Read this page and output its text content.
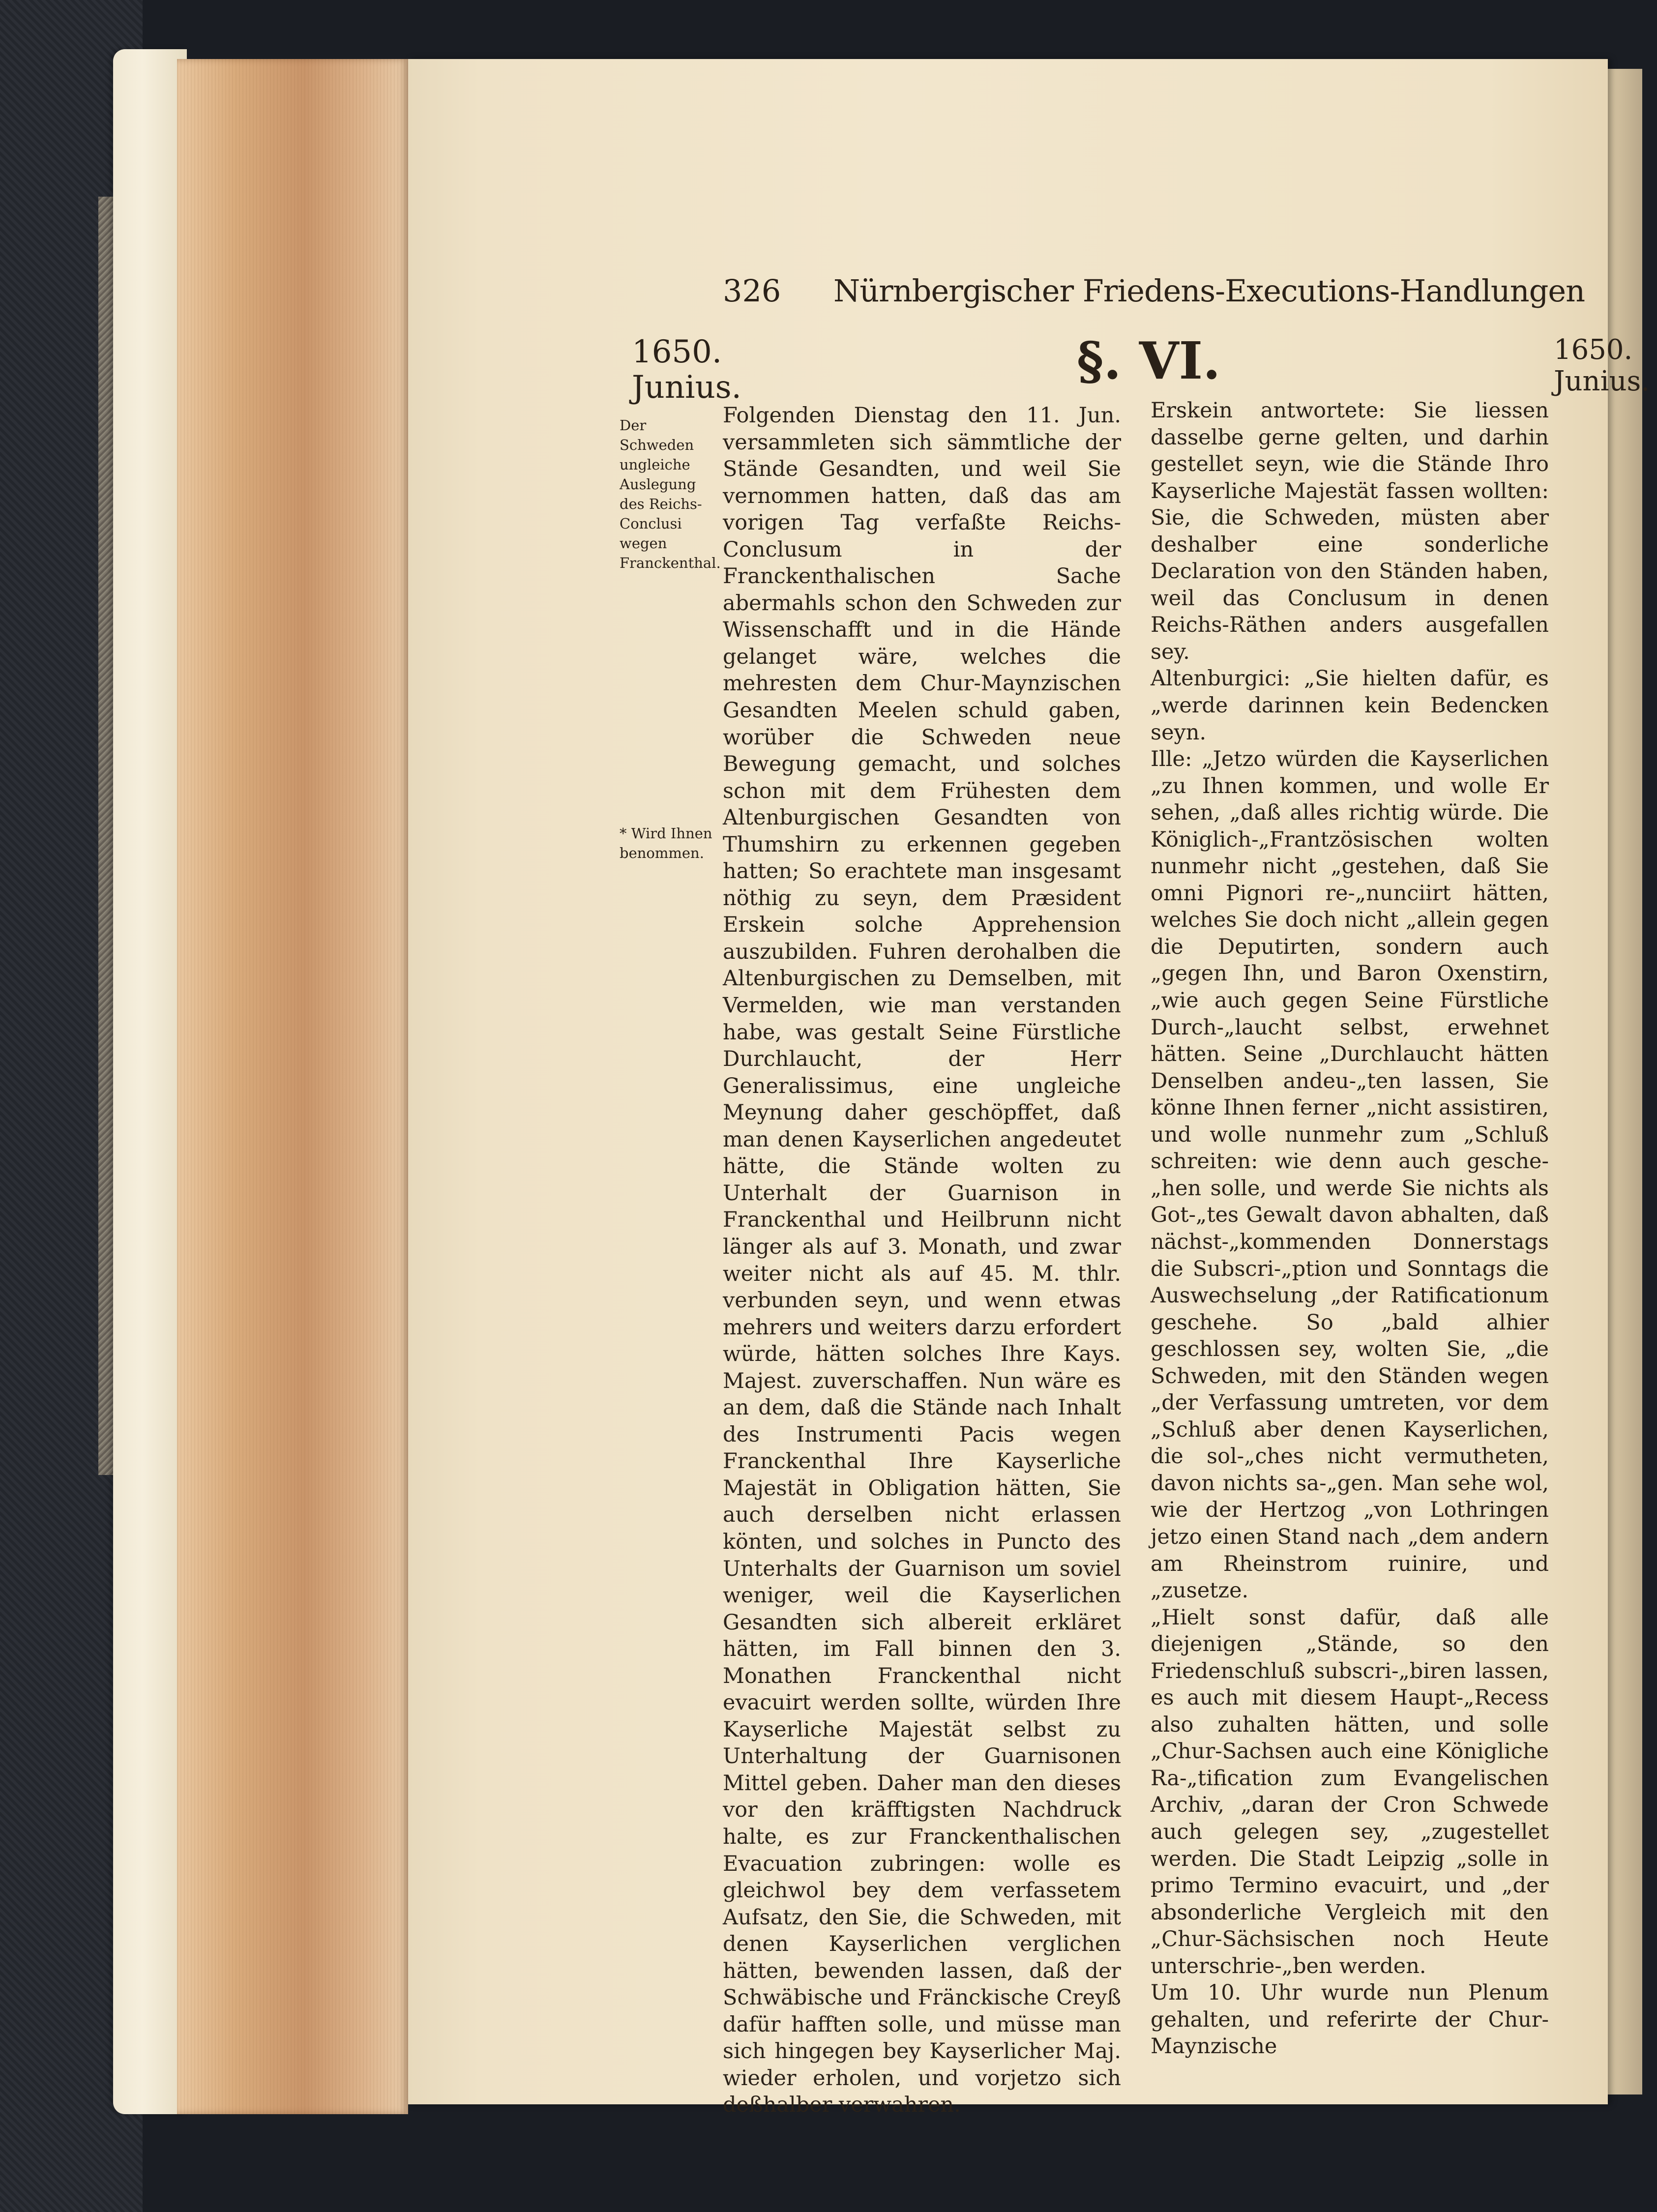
326 Nürnbergischer Friedens-Executions-Handlungen
1650.
Junius.	§. VI.	1650.
Junius.
Der Schweden ungleiche Auslegung des Reichs-Conclusi wegen Franckenthal.
* Wird Ihnen benommen.
Folgenden Dienstag den 11. Jun. versammleten sich sämmtliche der Stände Gesandten, und weil Sie vernommen hatten, daß das am vorigen Tag verfaßte Reichs-Conclusum in der Franckenthalischen Sache abermahls schon den Schweden zur Wissenschafft und in die Hände gelanget wäre, welches die mehresten dem Chur-Maynzischen Gesandten Meelen schuld gaben, worüber die Schweden neue Bewegung gemacht, und solches schon mit dem Frühesten dem Altenburgischen Gesandten von Thumshirn zu erkennen gegeben hatten; So erachtete man insgesamt nöthig zu seyn, dem Præsident Erskein solche Apprehension auszubilden. Fuhren derohalben die Altenburgischen zu Demselben, mit Vermelden, wie man verstanden habe, was gestalt Seine Fürstliche Durchlaucht, der Herr Generalissimus, eine ungleiche Meynung daher geschöpffet, daß man denen Kayserlichen angedeutet hätte, die Stände wolten zu Unterhalt der Guarnison in Franckenthal und Heilbrunn nicht länger als auf 3. Monath, und zwar weiter nicht als auf 45. M. thlr. verbunden seyn, und wenn etwas mehrers und weiters darzu erfordert würde, hätten solches Ihre Kays. Majest. zuverschaffen. Nun wäre es an dem, daß die Stände nach Inhalt des Instrumenti Pacis wegen Franckenthal Ihre Kayserliche Majestät in Obligation hätten, Sie auch derselben nicht erlassen könten, und solches in Puncto des Unterhalts der Guarnison um soviel weniger, weil die Kayserlichen Gesandten sich albereit erkläret hätten, im Fall binnen den 3. Monathen Franckenthal nicht evacuirt werden sollte, würden Ihre Kayserliche Majestät selbst zu Unterhaltung der Guarnisonen Mittel geben. Daher man den dieses vor den kräfftigsten Nachdruck halte, es zur Franckenthalischen Evacuation zubringen: wolle es gleichwol bey dem verfassetem Aufsatz, den Sie, die Schweden, mit denen Kayserlichen verglichen hätten, bewenden lassen, daß der Schwäbische und Fränckische Creyß dafür hafften solle, und müsse man sich hingegen bey Kayserlicher Maj. wieder erholen, und vorjetzo sich deßhalber verwahren.
Erskein antwortete: Sie liessen dasselbe gerne gelten, und darhin gestellet seyn, wie die Stände Ihro Kayserliche Majestät fassen wollten: Sie, die Schweden, müsten aber deshalber eine sonderliche Declaration von den Ständen haben, weil das Conclusum in denen Reichs-Räthen anders ausgefallen sey.
Altenburgici: „Sie hielten dafür, es „werde darinnen kein Bedencken seyn.
Ille: „Jetzo würden die Kayserlichen „zu Ihnen kommen, und wolle Er sehen, „daß alles richtig würde. Die Königlich-„Frantzösischen wolten nunmehr nicht „gestehen, daß Sie omni Pignori re-„nunciirt hätten, welches Sie doch nicht „allein gegen die Deputirten, sondern auch „gegen Ihn, und Baron Oxenstirn, „wie auch gegen Seine Fürstliche Durch-„laucht selbst, erwehnet hätten. Seine „Durchlaucht hätten Denselben andeu-„ten lassen, Sie könne Ihnen ferner „nicht assistiren, und wolle nunmehr zum „Schluß schreiten: wie denn auch gesche-„hen solle, und werde Sie nichts als Got-„tes Gewalt davon abhalten, daß nächst-„kommenden Donnerstags die Subscri-„ption und Sonntags die Auswechselung „der Ratificationum geschehe. So „bald alhier geschlossen sey, wolten Sie, „die Schweden, mit den Ständen wegen „der Verfassung umtreten, vor dem „Schluß aber denen Kayserlichen, die sol-„ches nicht vermutheten, davon nichts sa-„gen. Man sehe wol, wie der Hertzog „von Lothringen jetzo einen Stand nach „dem andern am Rheinstrom ruinire, und „zusetze.
„Hielt sonst dafür, daß alle diejenigen „Stände, so den Friedenschluß subscri-„biren lassen, es auch mit diesem Haupt-„Recess also zuhalten hätten, und solle „Chur-Sachsen auch eine Königliche Ra-„tification zum Evangelischen Archiv, „daran der Cron Schwede auch gelegen sey, „zugestellet werden. Die Stadt Leipzig „solle in primo Termino evacuirt, und „der absonderliche Vergleich mit den „Chur-Sächsischen noch Heute unterschrie-„ben werden.
Um 10. Uhr wurde nun Plenum gehalten, und referirte der Chur-Maynzische
